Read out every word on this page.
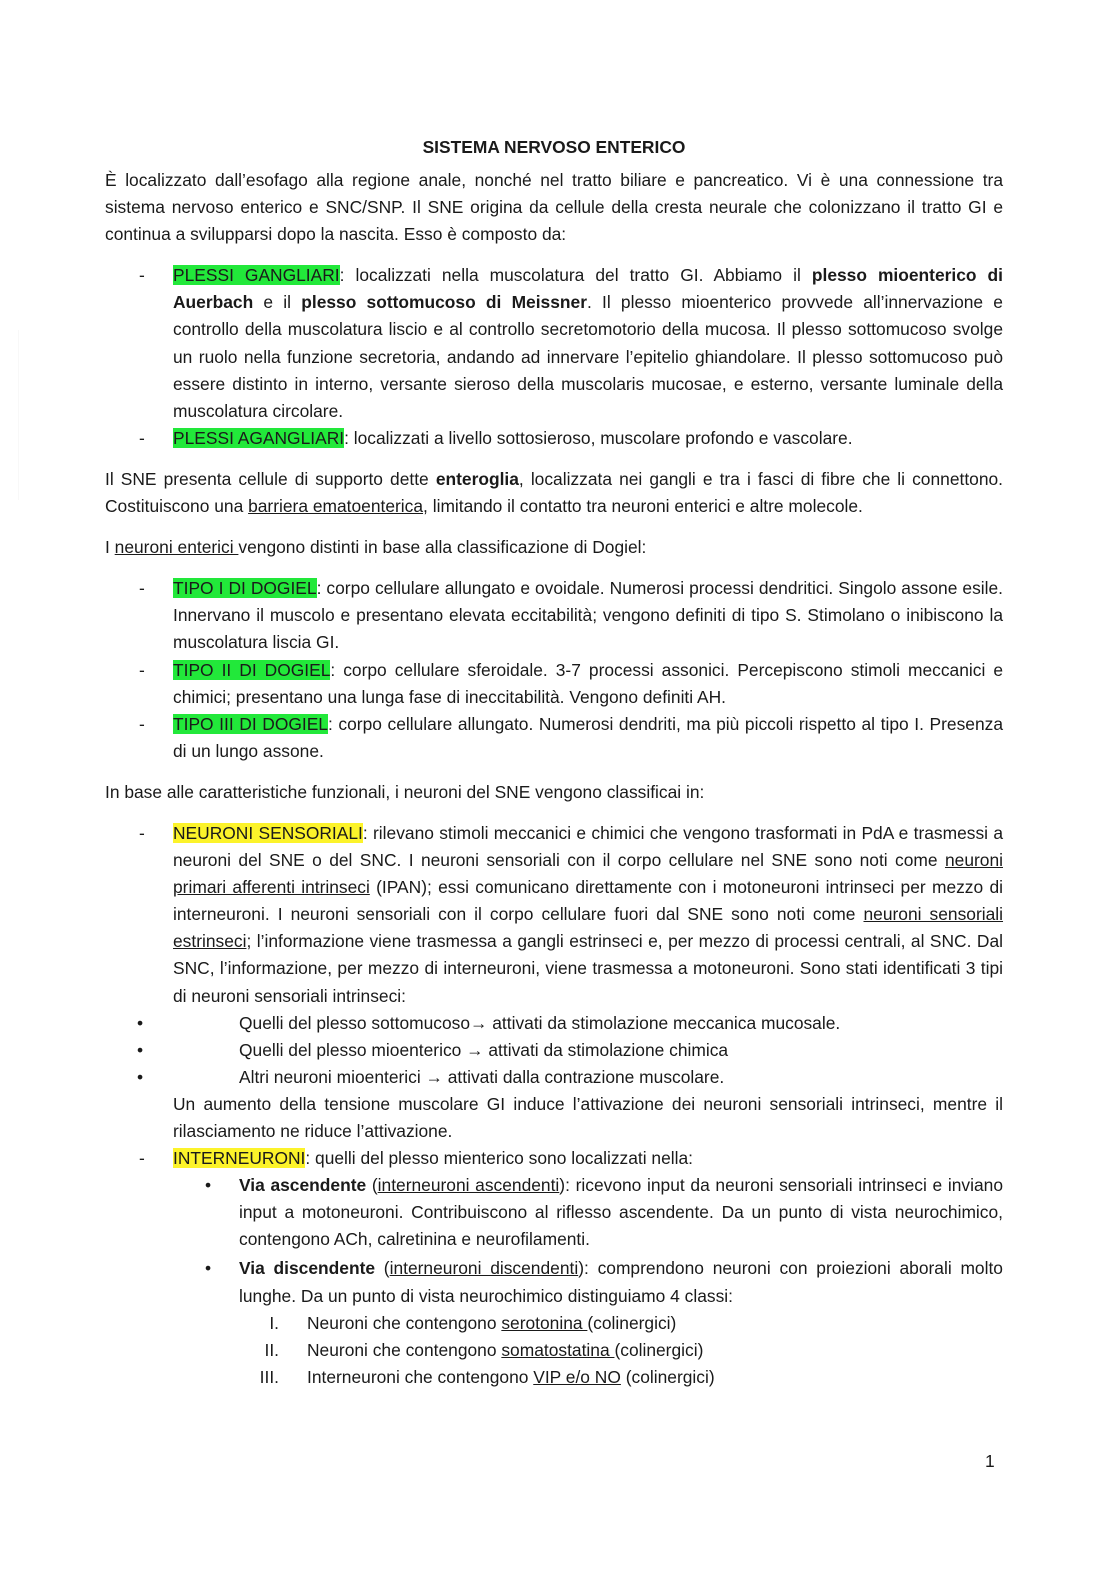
SISTEMA NERVOSO ENTERICO

È localizzato dall’esofago alla regione anale, nonché nel tratto biliare e pancreatico. Vi è una connessione tra sistema nervoso enterico e SNC/SNP. Il SNE origina da cellule della cresta neurale che colonizzano il tratto GI e continua a svilupparsi dopo la nascita. Esso è composto da:

- PLESSI GANGLIARI: localizzati nella muscolatura del tratto GI. Abbiamo il plesso mioenterico di Auerbach e il plesso sottomucoso di Meissner. Il plesso mioenterico provvede all’innervazione e controllo della muscolatura liscio e al controllo secretomotorio della mucosa. Il plesso sottomucoso svolge un ruolo nella funzione secretoria, andando ad innervare l’epitelio ghiandolare. Il plesso sottomucoso può essere distinto in interno, versante sieroso della muscolaris mucosae, e esterno, versante luminale della muscolatura circolare.
- PLESSI AGANGLIARI: localizzati a livello sottosieroso, muscolare profondo e vascolare.

Il SNE presenta cellule di supporto dette enteroglia, localizzata nei gangli e tra i fasci di fibre che li connettono. Costituiscono una barriera ematoenterica, limitando il contatto tra neuroni enterici e altre molecole.

I neuroni enterici vengono distinti in base alla classificazione di Dogiel:

- TIPO I DI DOGIEL: corpo cellulare allungato e ovoidale. Numerosi processi dendritici. Singolo assone esile. Innervano il muscolo e presentano elevata eccitabilità; vengono definiti di tipo S. Stimolano o inibiscono la muscolatura liscia GI.
- TIPO II DI DOGIEL: corpo cellulare sferoidale. 3-7 processi assonici. Percepiscono stimoli meccanici e chimici; presentano una lunga fase di ineccitabilità. Vengono definiti AH.
- TIPO III DI DOGIEL: corpo cellulare allungato. Numerosi dendriti, ma più piccoli rispetto al tipo I. Presenza di un lungo assone.

In base alle caratteristiche funzionali, i neuroni del SNE vengono classificai in:

- NEURONI SENSORIALI: rilevano stimoli meccanici e chimici che vengono trasformati in PdA e trasmessi a neuroni del SNE o del SNC. I neuroni sensoriali con il corpo cellulare nel SNE sono noti come neuroni primari afferenti intrinseci (IPAN); essi comunicano direttamente con i motoneuroni intrinseci per mezzo di interneuroni. I neuroni sensoriali con il corpo cellulare fuori dal SNE sono noti come neuroni sensoriali estrinseci; l’informazione viene trasmessa a gangli estrinseci e, per mezzo di processi centrali, al SNC. Dal SNC, l’informazione, per mezzo di interneuroni, viene trasmessa a motoneuroni. Sono stati identificati 3 tipi di neuroni sensoriali intrinseci:
• Quelli del plesso sottomucoso→ attivati da stimolazione meccanica mucosale.
• Quelli del plesso mioenterico → attivati da stimolazione chimica
• Altri neuroni mioenterici → attivati dalla contrazione muscolare.
Un aumento della tensione muscolare GI induce l’attivazione dei neuroni sensoriali intrinseci, mentre il rilasciamento ne riduce l’attivazione.
- INTERNEURONI: quelli del plesso mienterico sono localizzati nella:
• Via ascendente (interneuroni ascendenti): ricevono input da neuroni sensoriali intrinseci e inviano input a motoneuroni. Contribuiscono al riflesso ascendente. Da un punto di vista neurochimico, contengono ACh, calretinina e neurofilamenti.
• Via discendente (interneuroni discendenti): comprendono neuroni con proiezioni aborali molto lunghe. Da un punto di vista neurochimico distinguiamo 4 classi:
I. Neuroni che contengono serotonina (colinergici)
II. Neuroni che contengono somatostatina (colinergici)
III. Interneuroni che contengono VIP e/o NO (colinergici)
1
